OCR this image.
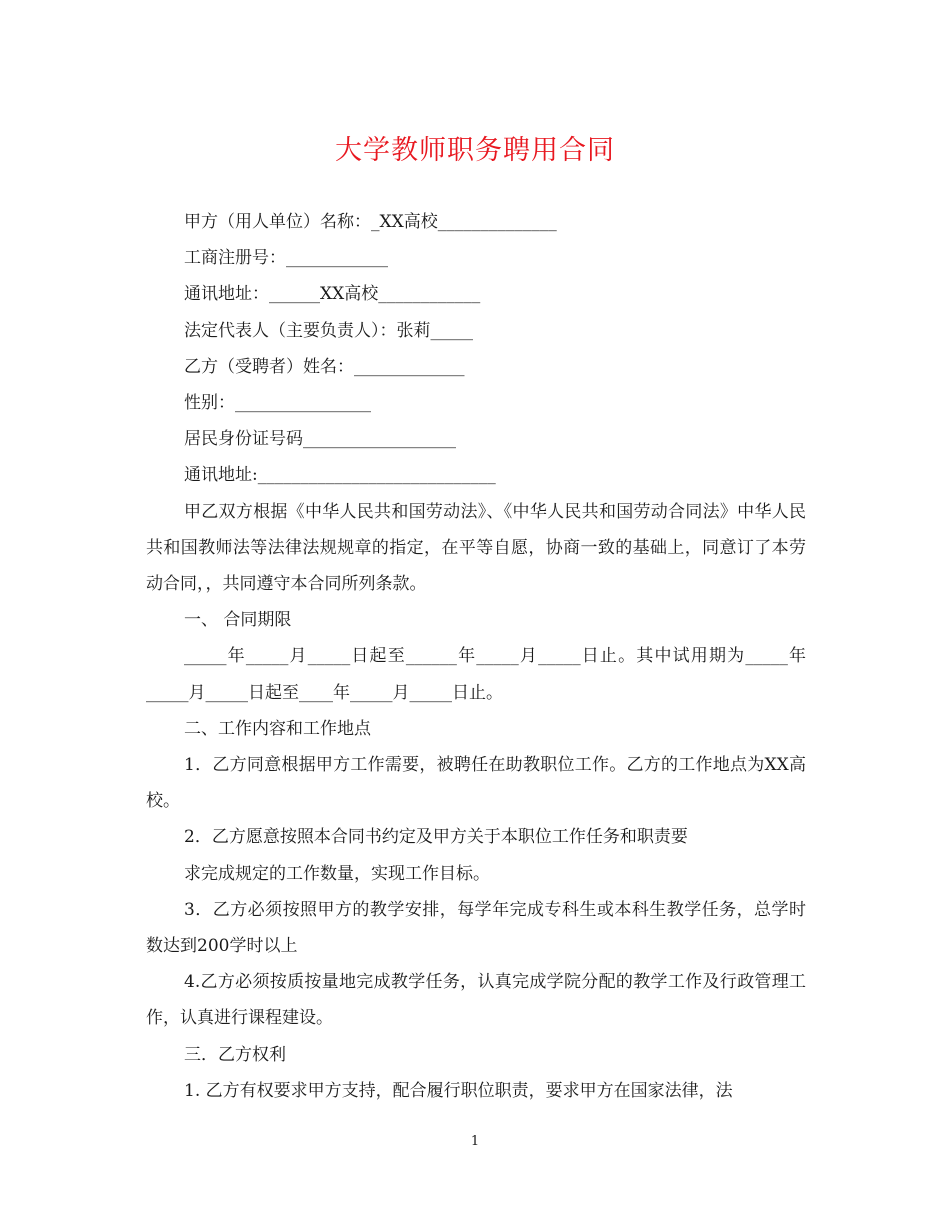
大学教师职务聘用合同

甲方（用人单位）名称：_XX高校______________

工商注册号：____________

通讯地址：______XX高校____________

法定代表人（主要负责人）：张莉_____

乙方（受聘者）姓名：_____________

性别：________________

居民身份证号码__________________

通讯地址:____________________________

甲乙双方根据《中华人民共和国劳动法》、《中华人民共和国劳动合同法》中华人民共和国教师法等法律法规规章的指定，在平等自愿，协商一致的基础上，同意订了本劳动合同，，共同遵守本合同所列条款。

一、 合同期限

_____年_____月_____日起至______年_____月_____日止。其中试用期为_____年_____月_____日起至____年_____月_____日止。

二、工作内容和工作地点

1．乙方同意根据甲方工作需要，被聘任在助教职位工作。乙方的工作地点为XX高校。

2．乙方愿意按照本合同书约定及甲方关于本职位工作任务和职责要

求完成规定的工作数量，实现工作目标。

3．乙方必须按照甲方的教学安排，每学年完成专科生或本科生教学任务，总学时数达到200学时以上

4.乙方必须按质按量地完成教学任务，认真完成学院分配的教学工作及行政管理工作，认真进行课程建设。

三．乙方权利

1. 乙方有权要求甲方支持，配合履行职位职责，要求甲方在国家法律，法

1
